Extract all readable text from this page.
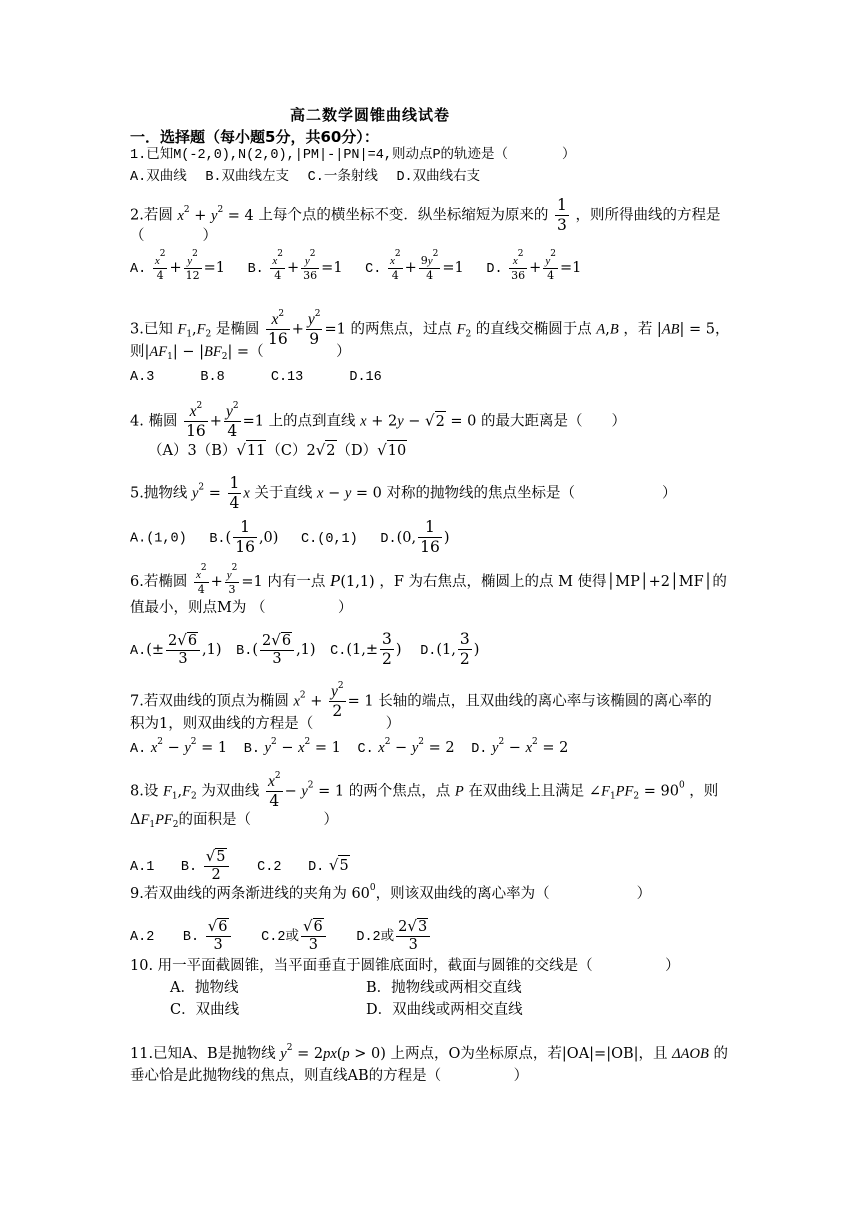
高二数学圆锥曲线试卷
一．选择题（每小题5分，共60分）：
1.已知M(-2,0),N(2,0),|PM|-|PN|=4,则动点P的轨迹是（　　　　）
A.双曲线 B.双曲线左支 C.一条射线 D.双曲线右支
2.若圆 $x^2 + y^2 = 4$ 上每个点的横坐标不变．纵坐标缩短为原来的 $\frac{1}{3}$ ，则所得曲线的方程是
（　　　　）
A. $\frac{x^2}{4} + \frac{y^2}{12} =1$ B. $\frac{x^2}{4} + \frac{y^2}{36} =1$ C. $\frac{x^2}{4} + \frac{9y^2}{4} =1$ D. $\frac{x^2}{36} + \frac{y^2}{4} =1$
3.已知 $F_1,F_2$ 是椭圆 $\frac{x^2}{16} + \frac{y^2}{9} =1$ 的两焦点，过点 $F_2$ 的直线交椭圆于点 A,B ，若 |AB| = 5，
则$|AF_1| - |BF_2|$ =（　　　　　）
A.3	B.8	C.13	D.16
4. 椭圆 $\frac{x^2}{16} + \frac{y^2}{4} =1$ 上的点到直线 x + 2y − √2 = 0 的最大距离是（　　）
（A）3（B）√11（C）2√2（D）√10
5.抛物线 $y^2 = \frac{1}{4}$ x 关于直线 x − y = 0 对称的抛物线的焦点坐标是（　　　　　　）
A.(1,0) $B.( \frac{1}{16} ,0)$ C.(0,1) D.(0, $\frac{1}{16}$ )
6.若椭圆 $\frac{x^2}{4} + \frac{y^2}{3} =1$ 内有一点 P(1,1) ，F 为右焦点，椭圆上的点 M 使得│MP│+2│MF│的
值最小，则点M为 （　　　　　）
$A.(\pm \frac{2√6}{3} ,1)$ $B.( \frac{2√6}{3} ,1)$ $C.(1,\pm \frac{3}{2}$ ) D.(1, $\frac{3}{2}$ )
7.若双曲线的顶点为椭圆 $x^2 + \frac{y^2}{2} = 1$ 长轴的端点，且双曲线的离心率与该椭圆的离心率的
积为1，则双曲线的方程是（　　　　　）
A. $x^2 - y^2 = 1$ B. $y^2 - x^2 = 1$ C. $x^2 - y^2 = 2$ D. $y^2 - x^2 = 2$
8.设 $F_1,F_2$ 为双曲线 $\frac{x^2}{4} - y^2 = 1$ 的两个焦点，点 P 在双曲线上且满足 $\angle F_1PF_2 = 90^0$ ，则
$\Delta F_1PF_2$的面积是（　　　　　）
A.1 B. $\frac{√5}{2} C.2$ D. √5
9.若双曲线的两条渐进线的夹角为 $60^0$，则该双曲线的离心率为（　　　　　　）
A.2 B. $\frac{√6}{3} C.2$或 $\frac{√6}{3} D.2$或 $\frac{2√3}{3}$
10. 用一平面截圆锥，当平面垂直于圆锥底面时，截面与圆锥的交线是（　　　　　）
A．抛物线	B．抛物线或两相交直线
C．双曲线	D．双曲线或两相交直线
11.已知A、B是抛物线 $y^2 = 2px(p > 0)$ 上两点，O为坐标原点，若|OA|=|OB|，且 ΔAOB 的
垂心恰是此抛物线的焦点，则直线AB的方程是（　　　　　）
